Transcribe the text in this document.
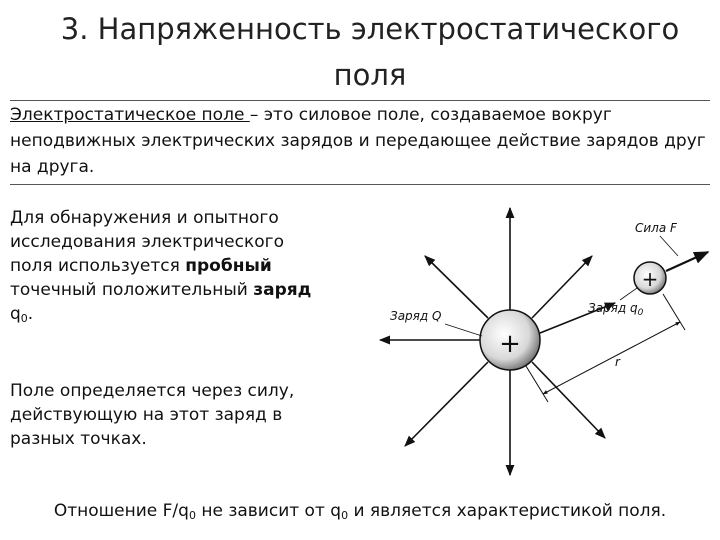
3. Напряженность электростатического
поля
Электростатическое поле – это силовое поле, создаваемое вокруг неподвижных электрических зарядов и передающее действие зарядов друг на друга.
Для обнаружения и опытного исследования электрического поля используется пробный точечный положительный заряд $q_0$.
Поле определяется через силу, действующую на этот заряд в разных точках.
+
+
Сила F
Заряд Q
Заряд $q_0$
r
Отношение $F/q_0$ не зависит от $q_0$ и является характеристикой поля.
